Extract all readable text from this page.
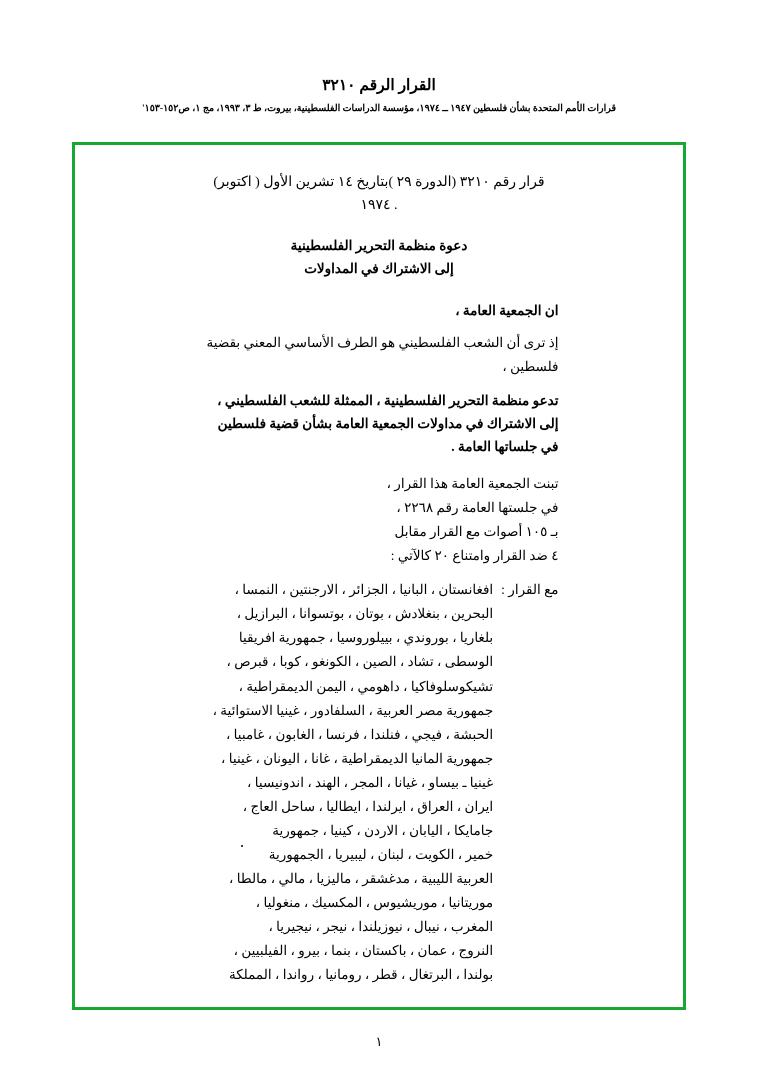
القرار الرقم ٣٢١٠
قرارات الأمم المتحدة بشأن فلسطين ١٩٤٧ ــ ١٩٧٤، مؤسسة الدراسات الفلسطينية، بيروت، ط ٣، ١٩٩٣، مج ١، ص١٥٢-١٥٣'
قرار رقم ٣٢١٠ (الدورة ٢٩ )بتاريخ ١٤ تشرين الأول ( اكتوبر)
. ١٩٧٤
دعوة منظمة التحرير الفلسطينية
إلى الاشتراك في المداولات

ان الجمعية العامة ،

إذ ترى أن الشعب الفلسطيني هو الطرف الأساسي المعني بقضية فلسطين ،

تدعو منظمة التحرير الفلسطينية ، الممثلة للشعب الفلسطيني ، إلى الاشتراك في مداولات الجمعية العامة بشأن قضية فلسطين في جلساتها العامة .

تبنت الجمعية العامة هذا القرار ،
في جلستها العامة رقم ٢٢٦٨ ،
بـ ١٠٥ أصوات مع القرار مقابل
٤ ضد القرار وامتناع ٢٠ كالآتي :
مع القرار :
افغانستان ، البانيا ، الجزائر ، الارجنتين ، النمسا ،
البحرين ، بنغلادش ، بوتان ، بوتسوانا ، البرازيل ،
بلغاريا ، بوروندي ، بييلوروسيا ، جمهورية افريقيا
الوسطى ، تشاد ، الصين ، الكونغو ، كوبا ، قبرص ،
تشيكوسلوفاكيا ، داهومي ، اليمن الديمقراطية ،
جمهورية مصر العربية ، السلفادور ، غينيا الاستوائية ،
الحبشة ، فيجي ، فنلندا ، فرنسا ، الغابون ، غامبيا ،
جمهورية المانيا الديمقراطية ، غانا ، اليونان ، غينيا ،
غينيا ـ بيساو ، غيانا ، المجر ، الهند ، اندونيسيا ،
ايران ، العراق ، ايرلندا ، ايطاليا ، ساحل العاج ،
جامايكا ، اليابان ، الاردن ، كينيا ، جمهورية
خمير ، الكويت ، لبنان ، ليبيريا ، الجمهورية
العربية الليبية ، مدغشقر ، ماليزيا ، مالي ، مالطا ،
موريتانيا ، موريشيوس ، المكسيك ، منغوليا ،
المغرب ، نيبال ، نيوزيلندا ، نيجر ، نيجيريا ،
النروج ، عمان ، باكستان ، بنما ، بيرو ، الفيلبيين ،
بولندا ، البرتغال ، قطر ، رومانيا ، رواندا ، المملكة
١
